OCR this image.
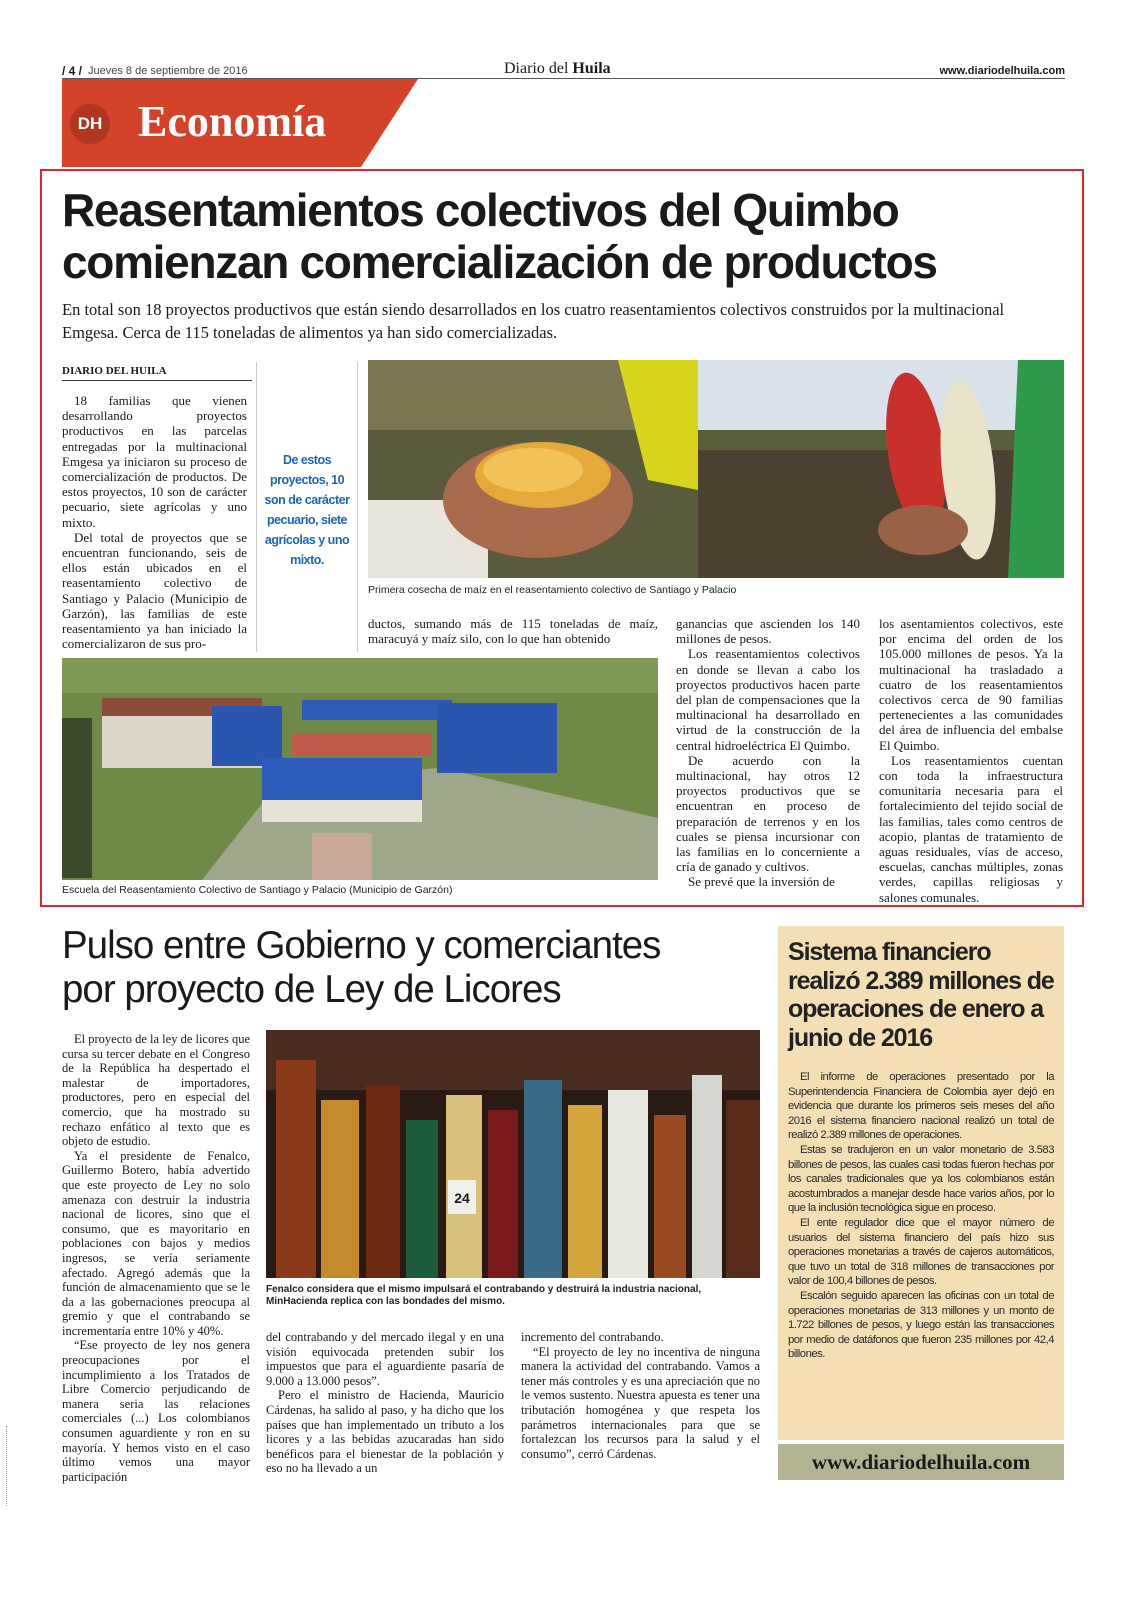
/ 4 / Jueves 8 de septiembre de 2016	Diario del Huila	www.diariodelhuila.com
DH Economía
Reasentamientos colectivos del Quimbo
comienzan comercialización de productos
En total son 18 proyectos productivos que están siendo desarrollados en los cuatro reasentamientos colectivos construidos por la multinacional Emgesa. Cerca de 115 toneladas de alimentos ya han sido comercializadas.
DIARIO DEL HUILA

18 familias que vienen desarrollando proyectos productivos en las parcelas entregadas por la multinacional Emgesa ya iniciaron su proceso de comercialización de productos. De estos proyectos, 10 son de carácter pecuario, siete agrícolas y uno mixto.

Del total de proyectos que se encuentran funcionando, seis de ellos están ubicados en el reasentamiento colectivo de Santiago y Palacio (Municipio de Garzón), las familias de este reasentamiento ya han iniciado la comercializaron de sus pro-

De estos proyectos, 10 son de carácter pecuario, siete agrícolas y uno mixto.
Primera cosecha de maíz en el reasentamiento colectivo de Santiago y Palacio

ductos, sumando más de 115 toneladas de maíz, maracuyá y maíz silo, con lo que han obtenido

Escuela del Reasentamiento Colectivo de Santiago y Palacio (Municipio de Garzón)

ganancias que ascienden los 140 millones de pesos.

Los reasentamientos colectivos en donde se llevan a cabo los proyectos productivos hacen parte del plan de compensaciones que la multinacional ha desarrollado en virtud de la construcción de la central hidroeléctrica El Quimbo.

De acuerdo con la multinacional, hay otros 12 proyectos productivos que se encuentran en proceso de preparación de terrenos y en los cuales se piensa incursionar con las familias en lo concerniente a cría de ganado y cultivos.

Se prevé que la inversión de

los asentamientos colectivos, este por encima del orden de los 105.000 millones de pesos. Ya la multinacional ha trasladado a cuatro de los reasentamientos colectivos cerca de 90 familias pertenecientes a las comunidades del área de influencia del embalse El Quimbo.

Los reasentamientos cuentan con toda la infraestructura comunitaria necesaria para el fortalecimiento del tejido social de las familias, tales como centros de acopio, plantas de tratamiento de aguas residuales, vías de acceso, escuelas, canchas múltiples, zonas verdes, capillas religiosas y salones comunales.

Pulso entre Gobierno y comerciantes
por proyecto de Ley de Licores

El proyecto de la ley de licores que cursa su tercer debate en el Congreso de la República ha despertado el malestar de importadores, productores, pero en especial del comercio, que ha mostrado su rechazo enfático al texto que es objeto de estudio.

Ya el presidente de Fenalco, Guillermo Botero, había advertido que este proyecto de Ley no solo amenaza con destruir la industria nacional de licores, sino que el consumo, que es mayoritario en poblaciones con bajos y medios ingresos, se vería seriamente afectado. Agregó además que la función de almacenamiento que se le da a las gobernaciones preocupa al gremio y que el contrabando se incrementaría entre 10% y 40%.

“Ese proyecto de ley nos genera preocupaciones por el incumplimiento a los Tratados de Libre Comercio perjudicando de manera seria las relaciones comerciales (...) Los colombianos consumen aguardiente y ron en su mayoría. Y hemos visto en el caso último vemos una mayor participación

24
Fenalco considera que el mismo impulsará el contrabando y destruirá la industria nacional, MinHacienda replica con las bondades del mismo.

del contrabando y del mercado ilegal y en una visión equivocada pretenden subir los impuestos que para el aguardiente pasaría de 9.000 a 13.000 pesos”.

Pero el ministro de Hacienda, Mauricio Cárdenas, ha salido al paso, y ha dicho que los países que han implementado un tributo a los licores y a las bebidas azucaradas han sido benéficos para el bienestar de la población y eso no ha llevado a un

incremento del contrabando.

“El proyecto de ley no incentiva de ninguna manera la actividad del contrabando. Vamos a tener más controles y es una apreciación que no le vemos sustento. Nuestra apuesta es tener una tributación homogénea y que respeta los parámetros internacionales para que se fortalezcan los recursos para la salud y el consumo”, cerró Cárdenas.

Sistema financiero realizó 2.389 millones de operaciones de enero a junio de 2016

El informe de operaciones presentado por la Superintendencia Financiera de Colombia ayer dejó en evidencia que durante los primeros seis meses del año 2016 el sistema financiero nacional realizó un total de realizó 2.389 millones de operaciones.

Estas se tradujeron en un valor monetario de 3.583 billones de pesos, las cuales casi todas fueron hechas por los canales tradicionales que ya los colombianos están acostumbrados a manejar desde hace varios años, por lo que la inclusión tecnológica sigue en proceso.

El ente regulador dice que el mayor número de usuarios del sistema financiero del país hizo sus operaciones monetarias a través de cajeros automáticos, que tuvo un total de 318 millones de transacciones por valor de 100,4 billones de pesos.

Escalón seguido aparecen las oficinas con un total de operaciones monetarias de 313 millones y un monto de 1.722 billones de pesos, y luego están las transacciones por medio de datáfonos que fueron 235 millones por 42,4 billones.

www.diariodelhuila.com
